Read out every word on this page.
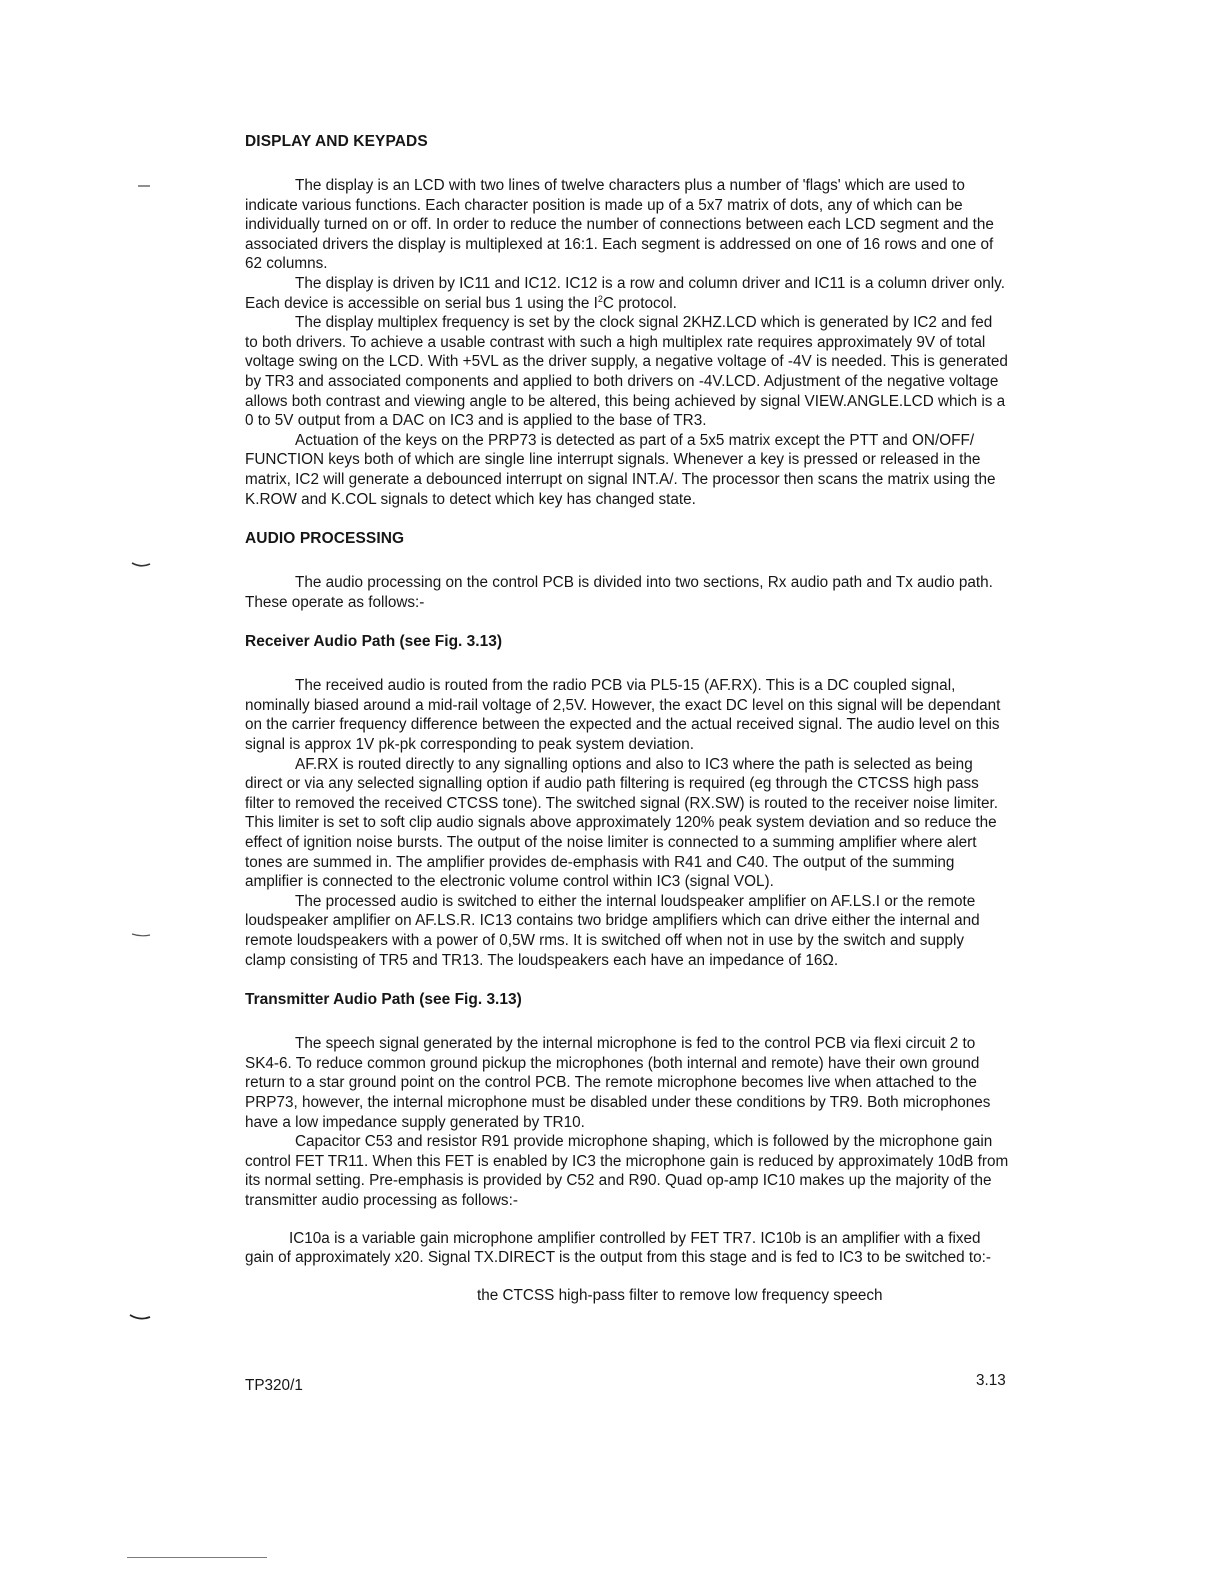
DISPLAY AND KEYPADS

The display is an LCD with two lines of twelve characters plus a number of 'flags' which are used to indicate various functions. Each character position is made up of a 5x7 matrix of dots, any of which can be individually turned on or off. In order to reduce the number of connections between each LCD segment and the associated drivers the display is multiplexed at 16:1. Each segment is addressed on one of 16 rows and one of 62 columns.

The display is driven by IC11 and IC12. IC12 is a row and column driver and IC11 is a column driver only. Each device is accessible on serial bus 1 using the $I^2C$ protocol.

The display multiplex frequency is set by the clock signal 2KHZ.LCD which is generated by IC2 and fed to both drivers. To achieve a usable contrast with such a high multiplex rate requires approximately 9V of total voltage swing on the LCD. With +5VL as the driver supply, a negative voltage of -4V is needed. This is generated by TR3 and associated components and applied to both drivers on -4V.LCD. Adjustment of the negative voltage allows both contrast and viewing angle to be altered, this being achieved by signal VIEW.ANGLE.LCD which is a 0 to 5V output from a DAC on IC3 and is applied to the base of TR3.

Actuation of the keys on the PRP73 is detected as part of a 5x5 matrix except the PTT and ON/OFF/ FUNCTION keys both of which are single line interrupt signals. Whenever a key is pressed or released in the matrix, IC2 will generate a debounced interrupt on signal INT.A/. The processor then scans the matrix using the K.ROW and K.COL signals to detect which key has changed state.

AUDIO PROCESSING

The audio processing on the control PCB is divided into two sections, Rx audio path and Tx audio path. These operate as follows:-

Receiver Audio Path (see Fig. 3.13)

The received audio is routed from the radio PCB via PL5-15 (AF.RX). This is a DC coupled signal, nominally biased around a mid-rail voltage of 2,5V. However, the exact DC level on this signal will be dependant on the carrier frequency difference between the expected and the actual received signal. The audio level on this signal is approx 1V pk-pk corresponding to peak system deviation.

AF.RX is routed directly to any signalling options and also to IC3 where the path is selected as being direct or via any selected signalling option if audio path filtering is required (eg through the CTCSS high pass filter to removed the received CTCSS tone). The switched signal (RX.SW) is routed to the receiver noise limiter. This limiter is set to soft clip audio signals above approximately 120% peak system deviation and so reduce the effect of ignition noise bursts. The output of the noise limiter is connected to a summing amplifier where alert tones are summed in. The amplifier provides de-emphasis with R41 and C40. The output of the summing amplifier is connected to the electronic volume control within IC3 (signal VOL).

The processed audio is switched to either the internal loudspeaker amplifier on AF.LS.I or the remote loudspeaker amplifier on AF.LS.R. IC13 contains two bridge amplifiers which can drive either the internal and remote loudspeakers with a power of 0,5W rms. It is switched off when not in use by the switch and supply clamp consisting of TR5 and TR13. The loudspeakers each have an impedance of 16Ω.

Transmitter Audio Path (see Fig. 3.13)

The speech signal generated by the internal microphone is fed to the control PCB via flexi circuit 2 to SK4-6. To reduce common ground pickup the microphones (both internal and remote) have their own ground return to a star ground point on the control PCB. The remote microphone becomes live when attached to the PRP73, however, the internal microphone must be disabled under these conditions by TR9. Both microphones have a low impedance supply generated by TR10.

Capacitor C53 and resistor R91 provide microphone shaping, which is followed by the microphone gain control FET TR11. When this FET is enabled by IC3 the microphone gain is reduced by approximately 10dB from its normal setting. Pre-emphasis is provided by C52 and R90. Quad op-amp IC10 makes up the majority of the transmitter audio processing as follows:-

IC10a is a variable gain microphone amplifier controlled by FET TR7. IC10b is an amplifier with a fixed gain of approximately x20. Signal TX.DIRECT is the output from this stage and is fed to IC3 to be switched to:-

the CTCSS high-pass filter to remove low frequency speech

TP320/1	3.13
